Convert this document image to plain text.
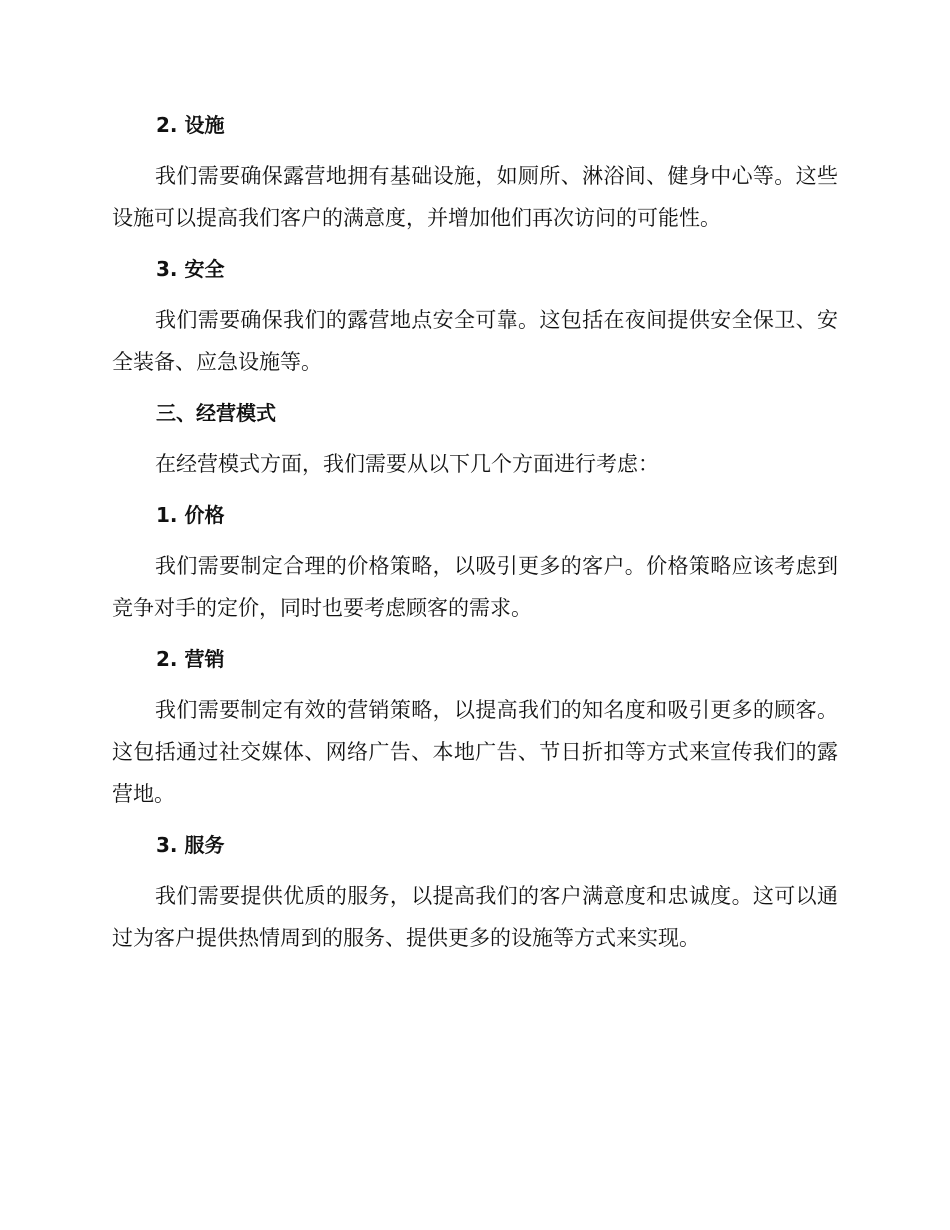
2. 设施

我们需要确保露营地拥有基础设施，如厕所、淋浴间、健身中心等。这些设施可以提高我们客户的满意度，并增加他们再次访问的可能性。

3. 安全

我们需要确保我们的露营地点安全可靠。这包括在夜间提供安全保卫、安全装备、应急设施等。

三、经营模式

在经营模式方面，我们需要从以下几个方面进行考虑：

1. 价格

我们需要制定合理的价格策略，以吸引更多的客户。价格策略应该考虑到竞争对手的定价，同时也要考虑顾客的需求。

2. 营销

我们需要制定有效的营销策略，以提高我们的知名度和吸引更多的顾客。这包括通过社交媒体、网络广告、本地广告、节日折扣等方式来宣传我们的露营地。

3. 服务

我们需要提供优质的服务，以提高我们的客户满意度和忠诚度。这可以通过为客户提供热情周到的服务、提供更多的设施等方式来实现。
